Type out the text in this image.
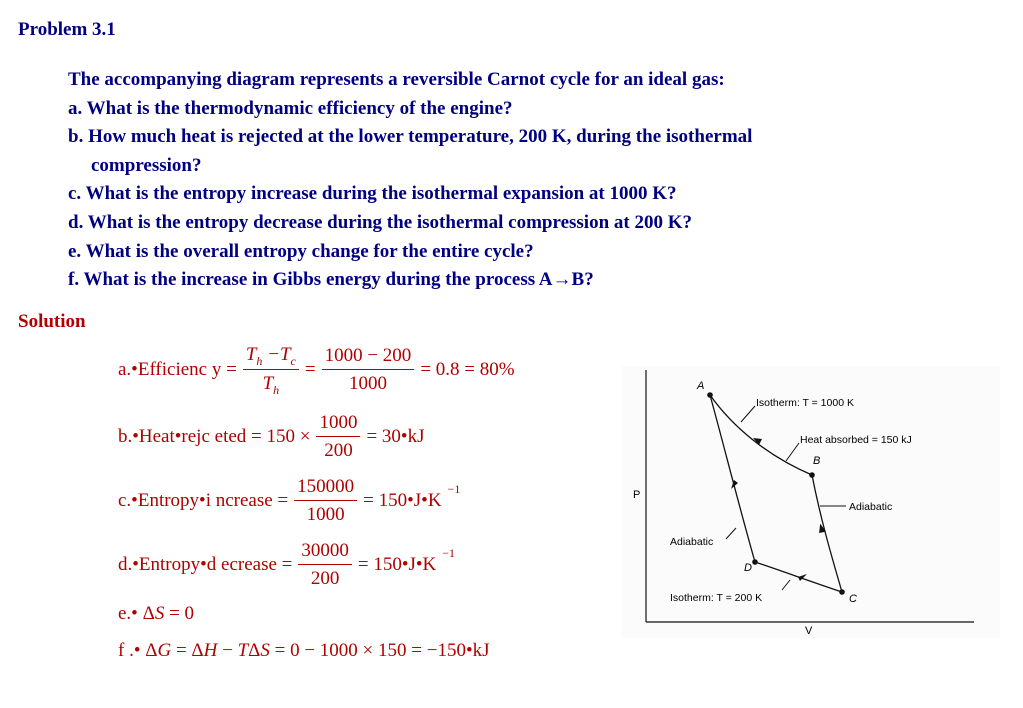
Problem 3.1
The accompanying diagram represents a reversible Carnot cycle for an ideal gas:
a. What is the thermodynamic efficiency of the engine?
b. How much heat is rejected at the lower temperature, 200 K, during the isothermal
compression?
c. What is the entropy increase during the isothermal expansion at 1000 K?
d. What is the entropy decrease during the isothermal compression at 200 K?
e. What is the overall entropy change for the entire cycle?
f. What is the increase in Gibbs energy during the process A→B?
Solution
a.•Efficienc $y = \frac{T_h -T_c}{T_h} = \frac{1000 - 200}{1000} = 0.8 = 80\%$
b.•Heat•rejc eted = $150 \times \frac{1000}{200}$ = 30•kJ
c.•Entropy•i ncrease = $\frac{150000}{1000}$ = 150•J•K
−1
d.•Entropy•d ecrease = $\frac{30000}{200}$ = 150•J•K
−1
e.• ΔS = 0
f .• ΔG = ΔH − TΔS = 0 − 1000 × 150 = −150•kJ
P
V
A
B
C
D
Isotherm: T = 1000 K
Heat absorbed = 150 kJ
Adiabatic
Adiabatic
Isotherm: T = 200 K
